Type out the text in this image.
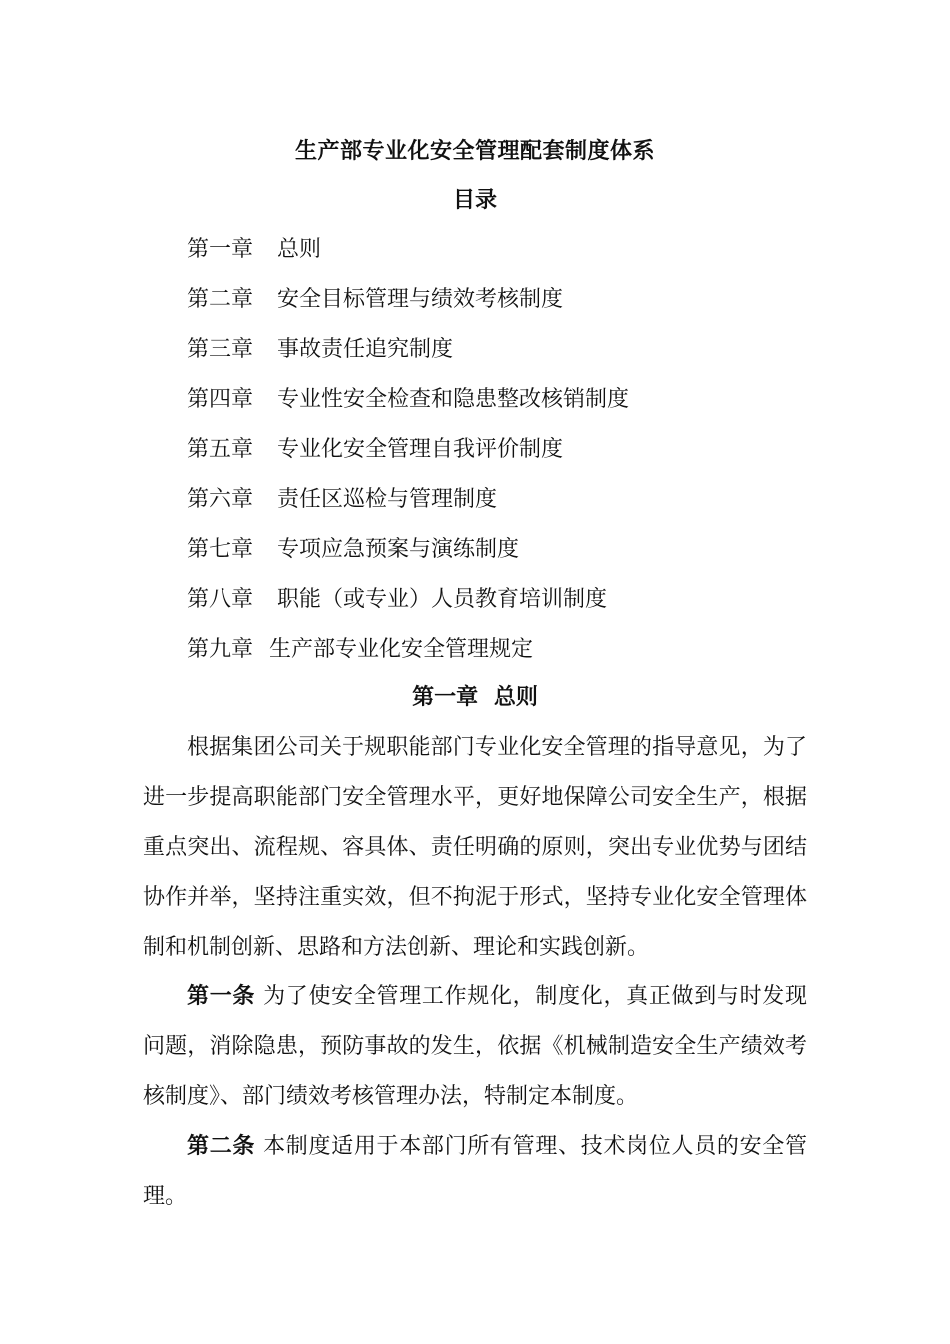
生产部专业化安全管理配套制度体系
目录
第一章 总则
第二章 安全目标管理与绩效考核制度
第三章 事故责任追究制度
第四章 专业性安全检查和隐患整改核销制度
第五章 专业化安全管理自我评价制度
第六章 责任区巡检与管理制度
第七章 专项应急预案与演练制度
第八章 职能（或专业）人员教育培训制度
第九章 生产部专业化安全管理规定
第一章 总则

根据集团公司关于规职能部门专业化安全管理的指导意见，为了进一步提高职能部门安全管理水平，更好地保障公司安全生产，根据重点突出、流程规、容具体、责任明确的原则，突出专业优势与团结协作并举，坚持注重实效，但不拘泥于形式，坚持专业化安全管理体制和机制创新、思路和方法创新、理论和实践创新。

第一条 为了使安全管理工作规化，制度化，真正做到与时发现问题，消除隐患，预防事故的发生，依据《机械制造安全生产绩效考核制度》、部门绩效考核管理办法，特制定本制度。

第二条 本制度适用于本部门所有管理、技术岗位人员的安全管理。
